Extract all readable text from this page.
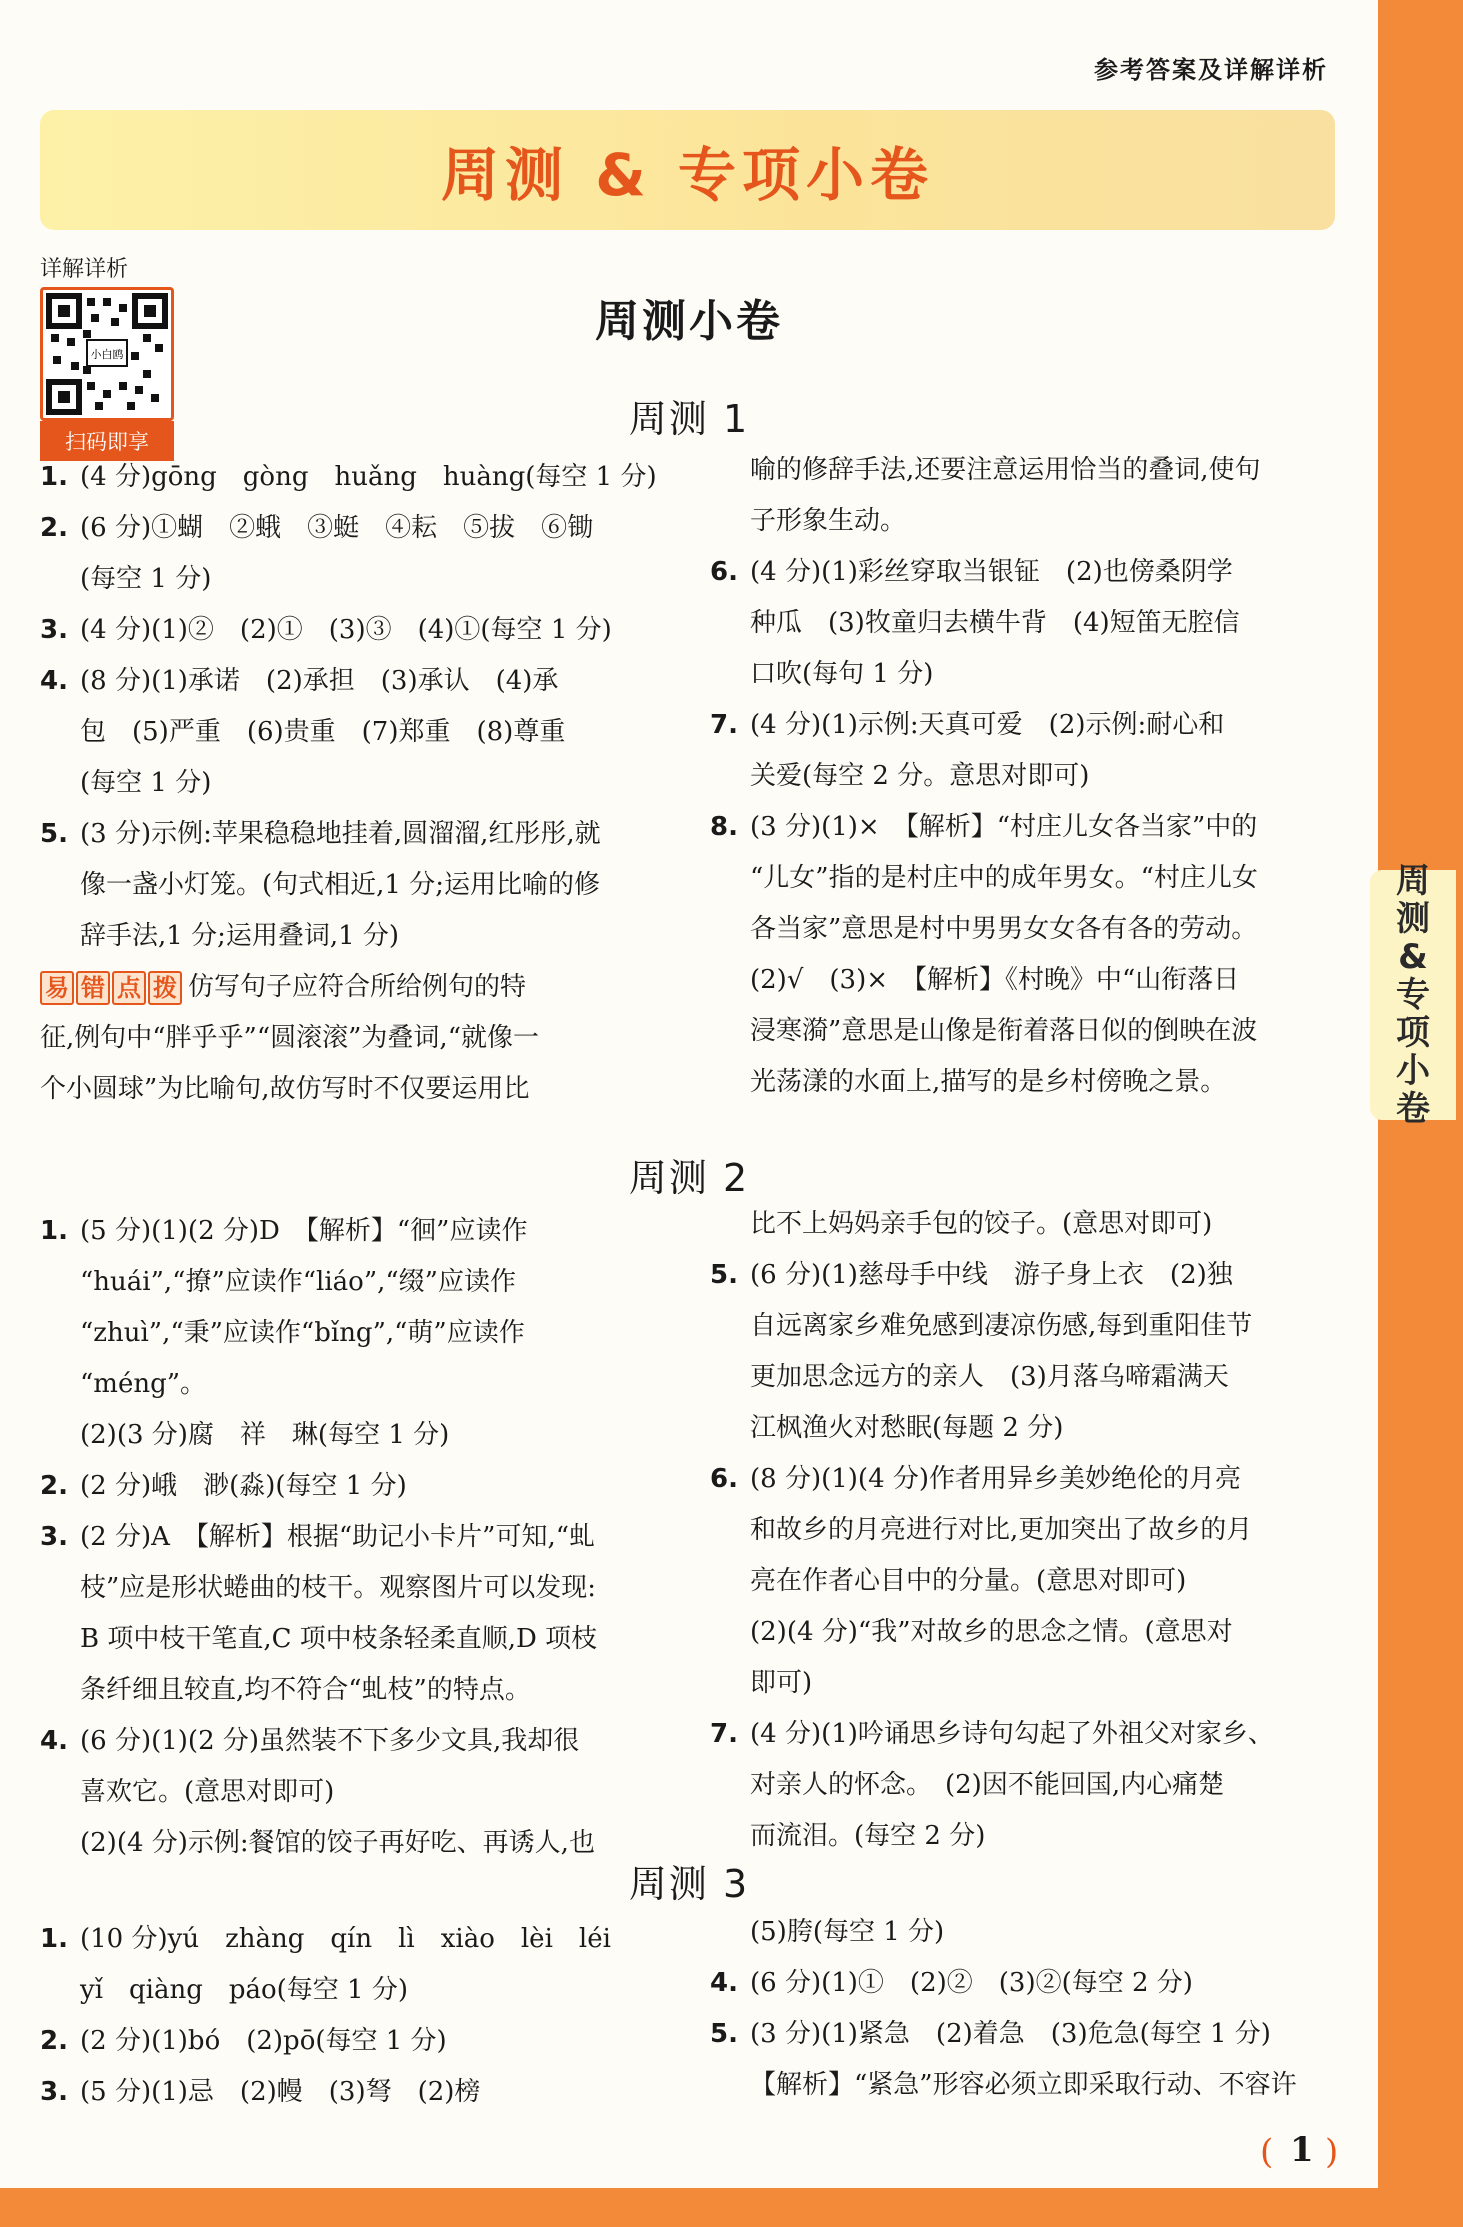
参考答案及详解详析
周测 & 专项小卷
周
测
&
专
项
小
卷
详解详析
小白鸥
扫码即享
周测小卷
周测 1
1. (4 分)gōng　gòng　huǎng　huàng(每空 1 分)
2. (6 分)①蝴　②蛾　③蜓　④耘　⑤拔　⑥锄
(每空 1 分)
3. (4 分)(1)②　(2)①　(3)③　(4)①(每空 1 分)
4. (8 分)(1)承诺　(2)承担　(3)承认　(4)承
包　(5)严重　(6)贵重　(7)郑重　(8)尊重
(每空 1 分)
5. (3 分)示例:苹果稳稳地挂着,圆溜溜,红彤彤,就
像一盏小灯笼。(句式相近,1 分;运用比喻的修
辞手法,1 分;运用叠词,1 分)
易 错 点 拨 仿写句子应符合所给例句的特
征,例句中“胖乎乎”“圆滚滚”为叠词,“就像一
个小圆球”为比喻句,故仿写时不仅要运用比
喻的修辞手法,还要注意运用恰当的叠词,使句
子形象生动。
6. (4 分)(1)彩丝穿取当银钲　(2)也傍桑阴学
种瓜　(3)牧童归去横牛背　(4)短笛无腔信
口吹(每句 1 分)
7. (4 分)(1)示例:天真可爱　(2)示例:耐心和
关爱(每空 2 分。意思对即可)
8. (3 分)(1)×　【解析】“村庄儿女各当家”中的
“儿女”指的是村庄中的成年男女。“村庄儿女
各当家”意思是村中男男女女各有各的劳动。
(2)√　(3)×　【解析】《村晚》中“山衔落日
浸寒漪”意思是山像是衔着落日似的倒映在波
光荡漾的水面上,描写的是乡村傍晚之景。
周测 2
1. (5 分)(1)(2 分)D　【解析】“徊”应读作
“huái”,“撩”应读作“liáo”,“缀”应读作
“zhuì”,“秉”应读作“bǐng”,“萌”应读作
“méng”。
(2)(3 分)腐　祥　琳(每空 1 分)
2. (2 分)峨　渺(淼)(每空 1 分)
3. (2 分)A　【解析】根据“助记小卡片”可知,“虬
枝”应是形状蜷曲的枝干。观察图片可以发现:
B 项中枝干笔直,C 项中枝条轻柔直顺,D 项枝
条纤细且较直,均不符合“虬枝”的特点。
4. (6 分)(1)(2 分)虽然装不下多少文具,我却很
喜欢它。(意思对即可)
(2)(4 分)示例:餐馆的饺子再好吃、再诱人,也
比不上妈妈亲手包的饺子。(意思对即可)
5. (6 分)(1)慈母手中线　游子身上衣　(2)独
自远离家乡难免感到凄凉伤感,每到重阳佳节
更加思念远方的亲人　(3)月落乌啼霜满天
江枫渔火对愁眠(每题 2 分)
6. (8 分)(1)(4 分)作者用异乡美妙绝伦的月亮
和故乡的月亮进行对比,更加突出了故乡的月
亮在作者心目中的分量。(意思对即可)
(2)(4 分)“我”对故乡的思念之情。(意思对
即可)
7. (4 分)(1)吟诵思乡诗句勾起了外祖父对家乡、
对亲人的怀念。　(2)因不能回国,内心痛楚
而流泪。(每空 2 分)
周测 3
1. (10 分)yú　zhàng　qín　lì　xiào　lèi　léi
yǐ　qiàng　páo(每空 1 分)
2. (2 分)(1)bó　(2)pō(每空 1 分)
3. (5 分)(1)忌　(2)幔　(3)弩　(2)榜
(5)胯(每空 1 分)
4. (6 分)(1)①　(2)②　(3)②(每空 2 分)
5. (3 分)(1)紧急　(2)着急　(3)危急(每空 1 分)
【解析】“紧急”形容必须立即采取行动、不容许
( 1 )
